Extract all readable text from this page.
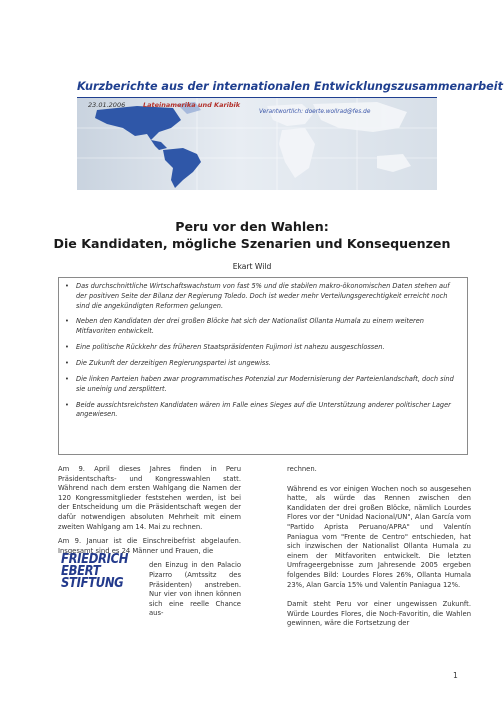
Kurzberichte aus der internationalen Entwicklungszusammenarbeit
23.01.2006	Lateinamerika und Karibik
Verantwortlich: doerte.wollrad@fes.de
Peru vor den Wahlen:
Die Kandidaten, mögliche Szenarien und Konsequenzen
Ekart Wild
• Das durchschnittliche Wirtschaftswachstum von fast 5% und die stabilen makro-ökonomischen Daten stehen auf der positiven Seite der Bilanz der Regierung Toledo. Doch ist weder mehr Verteilungsgerechtigkeit erreicht noch sind die angekündigten Reformen gelungen.
• Neben den Kandidaten der drei großen Blöcke hat sich der Nationalist Ollanta Humala zu einem weiteren Mitfavoriten entwickelt.
• Eine politische Rückkehr des früheren Staatspräsidenten Fujimori ist nahezu ausgeschlossen.
• Die Zukunft der derzeitigen Regierungspartei ist ungewiss.
• Die linken Parteien haben zwar programmatisches Potenzial zur Modernisierung der Parteienlandschaft, doch sind sie uneinig und zersplittert.
• Beide aussichtsreichsten Kandidaten wären im Falle eines Sieges auf die Unterstützung anderer politischer Lager angewiesen.

Am 9. April dieses Jahres finden in Peru Präsidentschafts- und Kongresswahlen statt. Während nach dem ersten Wahlgang die Namen der 120 Kongressmitglieder feststehen werden, ist bei der Entscheidung um die Präsidentschaft wegen der dafür notwendigen absoluten Mehrheit mit einem zweiten Wahlgang am 14. Mai zu rechnen.

Am 9. Januar ist die Einschreibefrist abgelaufen. Insgesamt sind es 24 Männer und Frauen, die

den Einzug in den Palacio Pizarro (Amtssitz des Präsidenten) anstreben. Nur vier von ihnen können sich eine reelle Chance aus-

FRIEDRICH
EBERT
STIFTUNG

rechnen.

Während es vor einigen Wochen noch so ausgesehen hatte, als würde das Rennen zwischen den Kandidaten der drei großen Blöcke, nämlich Lourdes Flores vor der "Unidad Nacional/UN", Alan García vom "Partido Aprista Peruano/APRA" und Valentín Paniagua vom "Frente de Centro" entschieden, hat sich inzwischen der Nationalist Ollanta Humala zu einem der Mitfavoriten entwickelt. Die letzten Umfrageergebnisse zum Jahresende 2005 ergeben folgendes Bild: Lourdes Flores 26%, Ollanta Humala 23%, Alan García 15% und Valentín Paniagua 12%.

Damit steht Peru vor einer ungewissen Zukunft. Würde Lourdes Flores, die Noch-Favoritin, die Wahlen gewinnen, wäre die Fortsetzung der

1
